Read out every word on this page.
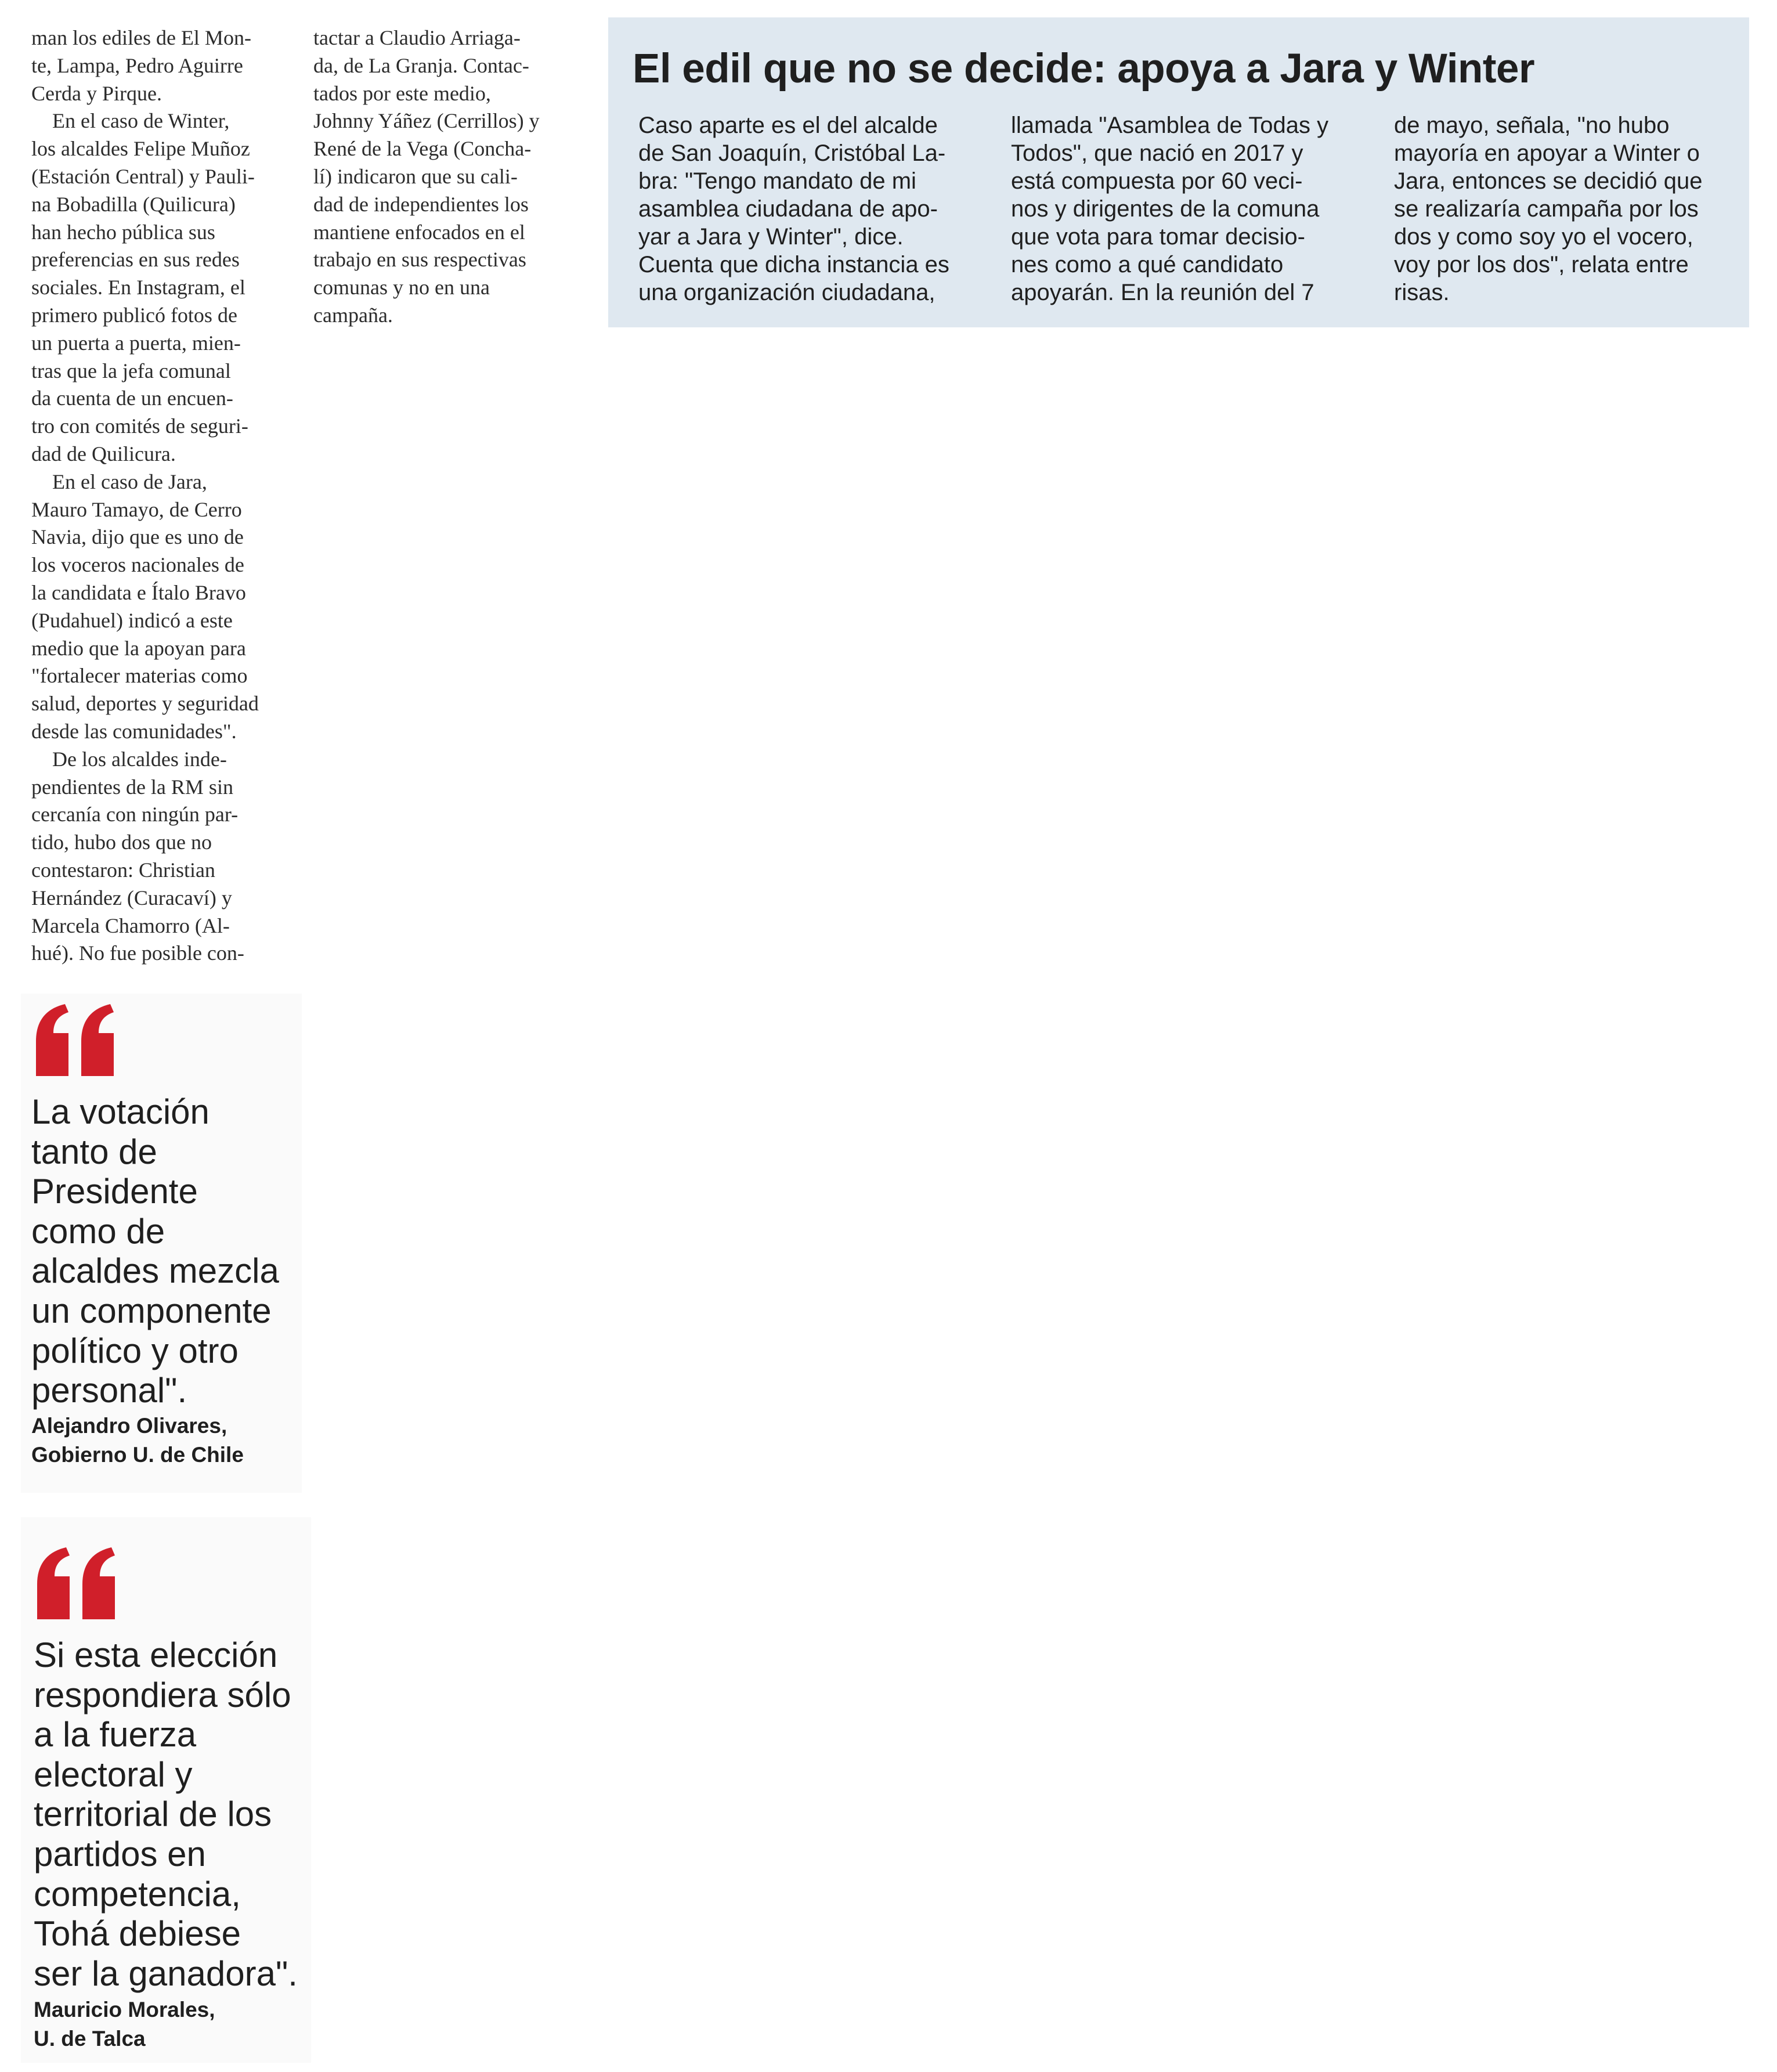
man los ediles de El Mon-
te, Lampa, Pedro Aguirre
Cerda y Pirque.
En el caso de Winter,
los alcaldes Felipe Muñoz
(Estación Central) y Pauli-
na Bobadilla (Quilicura)
han hecho pública sus
preferencias en sus redes
sociales. En Instagram, el
primero publicó fotos de
un puerta a puerta, mien-
tras que la jefa comunal
da cuenta de un encuen-
tro con comités de seguri-
dad de Quilicura.
En el caso de Jara,
Mauro Tamayo, de Cerro
Navia, dijo que es uno de
los voceros nacionales de
la candidata e Ítalo Bravo
(Pudahuel) indicó a este
medio que la apoyan para
"fortalecer materias como
salud, deportes y seguridad
desde las comunidades".
De los alcaldes inde-
pendientes de la RM sin
cercanía con ningún par-
tido, hubo dos que no
contestaron: Christian
Hernández (Curacaví) y
Marcela Chamorro (Al-
hué). No fue posible con-
tactar a Claudio Arriaga-
da, de La Granja. Contac-
tados por este medio,
Johnny Yáñez (Cerrillos) y
René de la Vega (Concha-
lí) indicaron que su cali-
dad de independientes los
mantiene enfocados en el
trabajo en sus respectivas
comunas y no en una
campaña.
La votación
tanto de
Presidente
como de
alcaldes mezcla
un componente
político y otro
personal".
Alejandro Olivares,
Gobierno U. de Chile
Si esta elección
respondiera sólo
a la fuerza
electoral y
territorial de los
partidos en
competencia,
Tohá debiese
ser la ganadora".
Mauricio Morales,
U. de Talca
El edil que no se decide: apoya a Jara y Winter
Caso aparte es el del alcalde
de San Joaquín, Cristóbal La-
bra: "Tengo mandato de mi
asamblea ciudadana de apo-
yar a Jara y Winter", dice.
Cuenta que dicha instancia es
una organización ciudadana,
llamada "Asamblea de Todas y
Todos", que nació en 2017 y
está compuesta por 60 veci-
nos y dirigentes de la comuna
que vota para tomar decisio-
nes como a qué candidato
apoyarán. En la reunión del 7
de mayo, señala, "no hubo
mayoría en apoyar a Winter o
Jara, entonces se decidió que
se realizaría campaña por los
dos y como soy yo el vocero,
voy por los dos", relata entre
risas.
